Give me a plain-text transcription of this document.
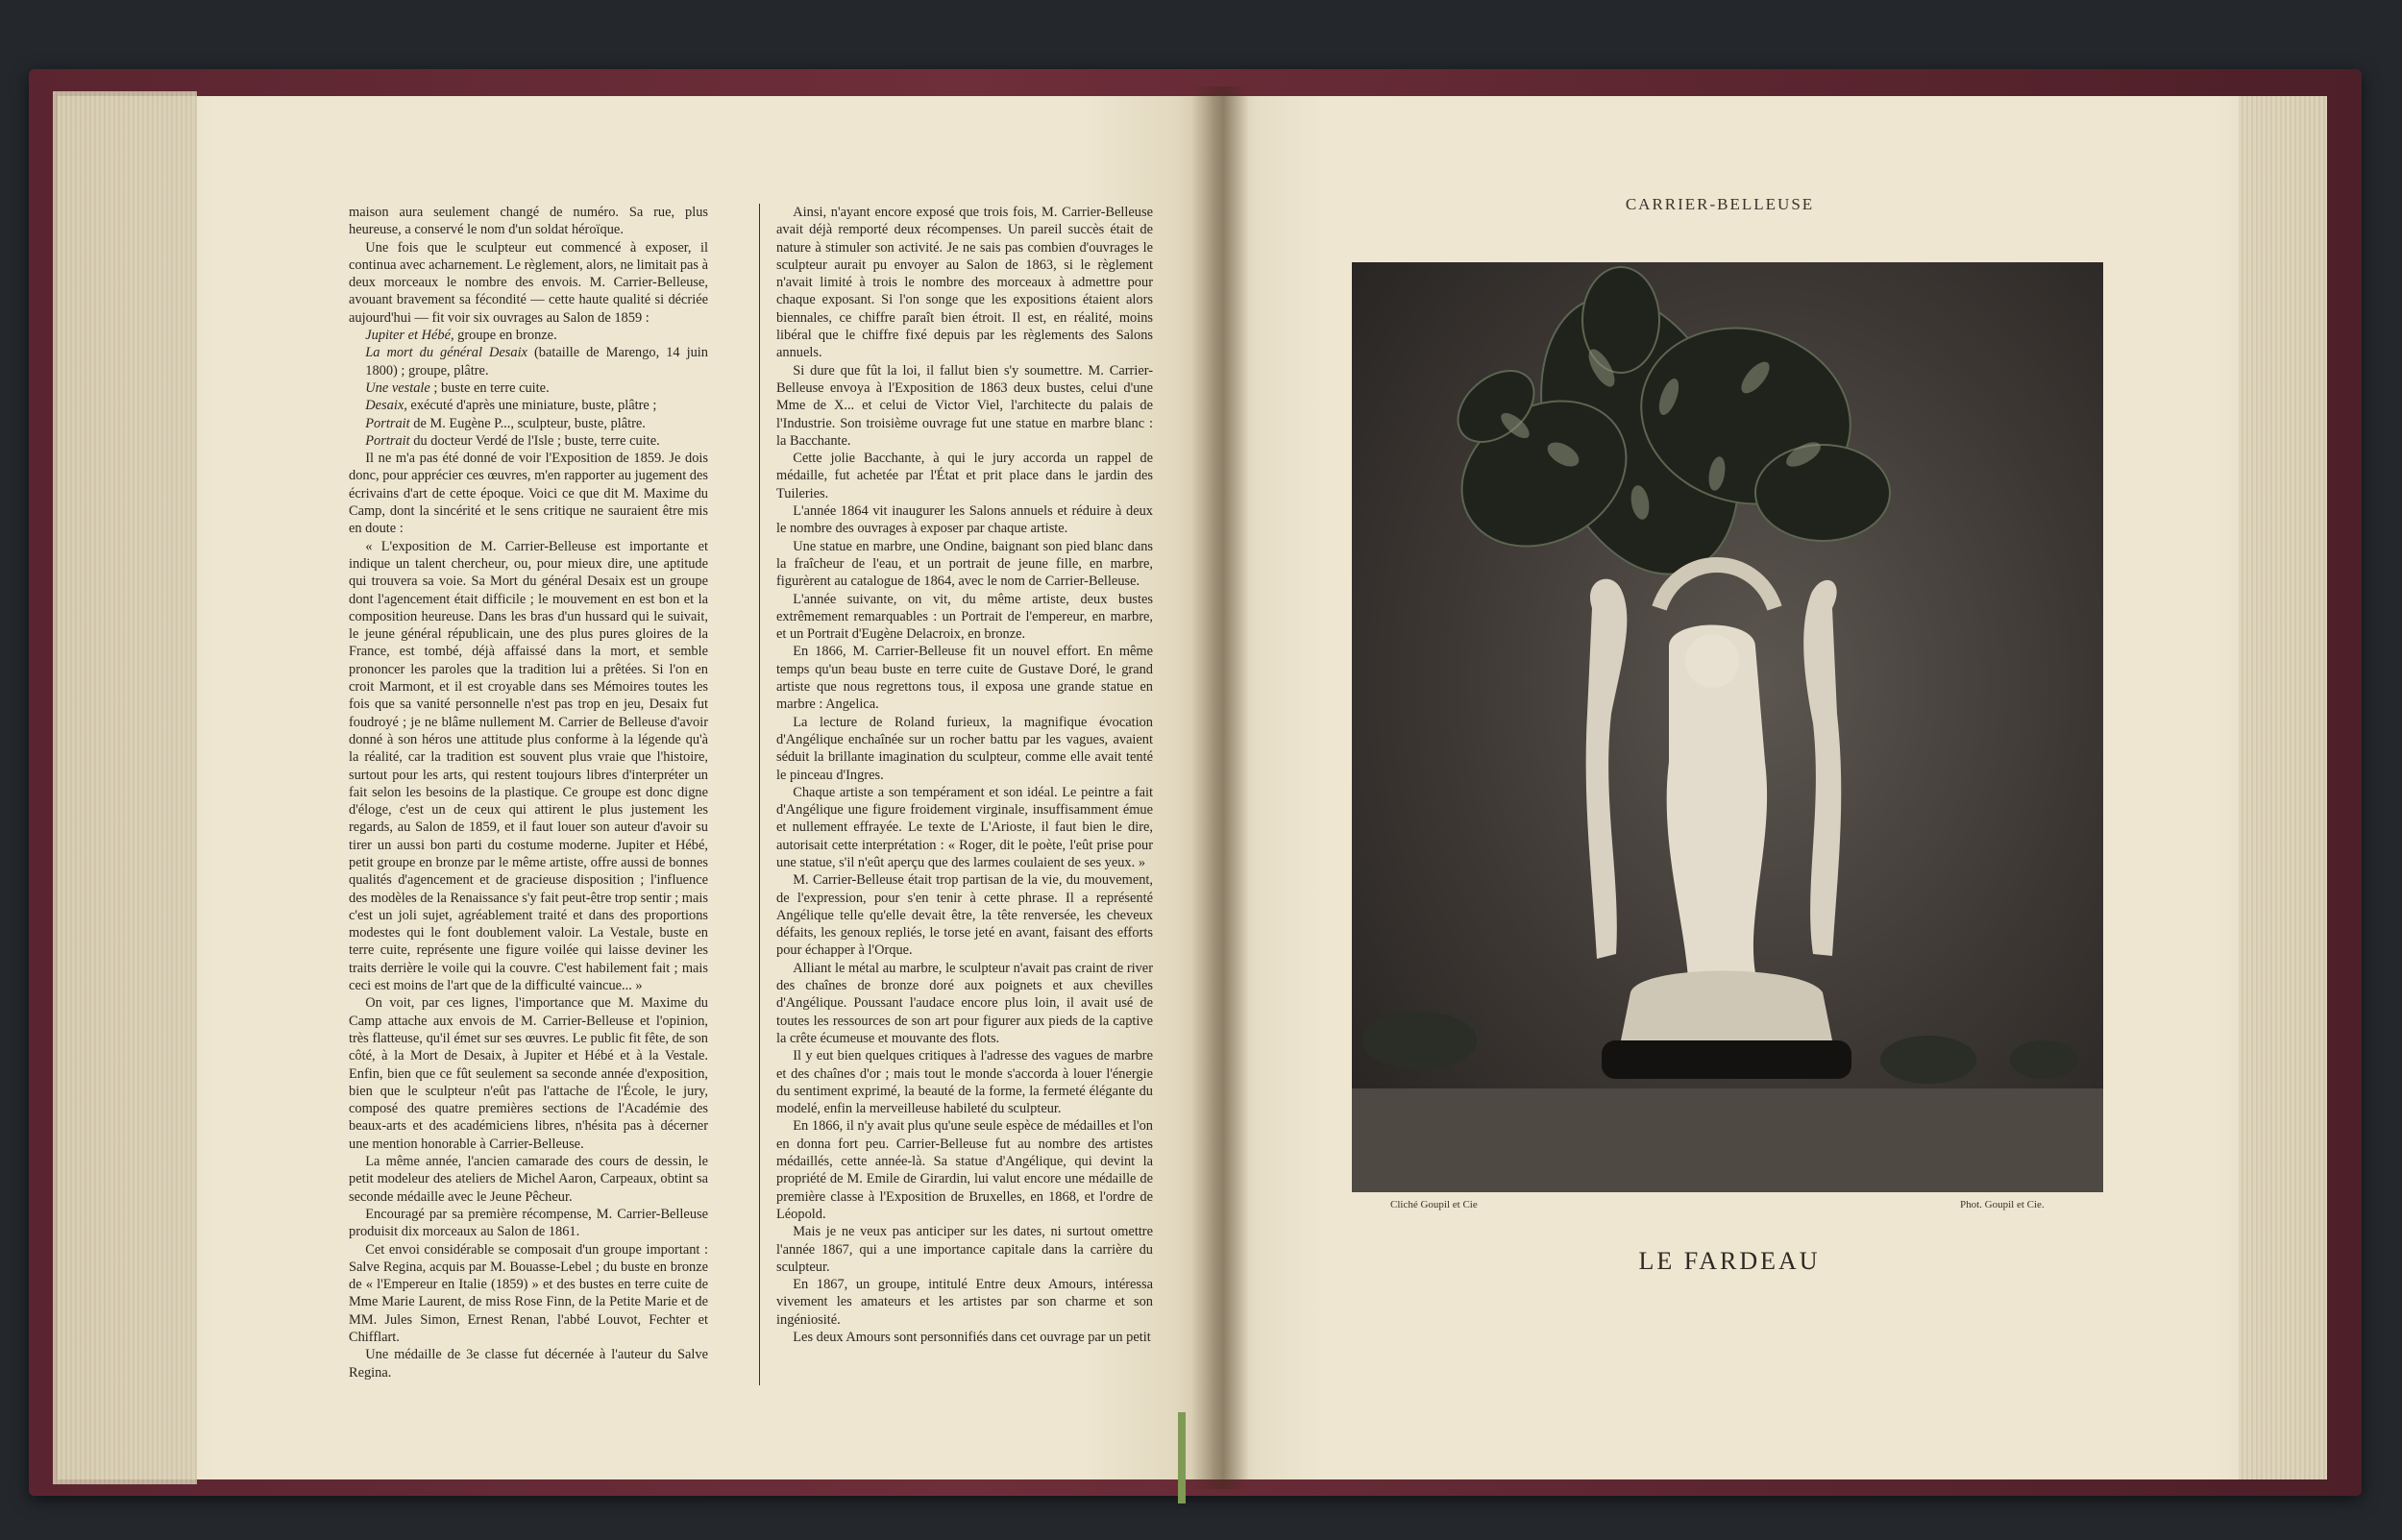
maison aura seulement changé de numéro. Sa rue, plus heureuse, a conservé le nom d'un soldat héroïque.

Une fois que le sculpteur eut commencé à exposer, il continua avec acharnement. Le règlement, alors, ne limitait pas à deux morceaux le nombre des envois. M. Carrier-Belleuse, avouant bravement sa fécondité — cette haute qualité si décriée aujourd'hui — fit voir six ouvrages au Salon de 1859 :

Jupiter et Hébé, groupe en bronze.

La mort du général Desaix (bataille de Marengo, 14 juin 1800) ; groupe, plâtre.

Une vestale ; buste en terre cuite.

Desaix, exécuté d'après une miniature, buste, plâtre ;

Portrait de M. Eugène P..., sculpteur, buste, plâtre.

Portrait du docteur Verdé de l'Isle ; buste, terre cuite.

Il ne m'a pas été donné de voir l'Exposition de 1859. Je dois donc, pour apprécier ces œuvres, m'en rapporter au jugement des écrivains d'art de cette époque. Voici ce que dit M. Maxime du Camp, dont la sincérité et le sens critique ne sauraient être mis en doute :

« L'exposition de M. Carrier-Belleuse est importante et indique un talent chercheur, ou, pour mieux dire, une aptitude qui trouvera sa voie. Sa Mort du général Desaix est un groupe dont l'agencement était difficile ; le mouvement en est bon et la composition heureuse. Dans les bras d'un hussard qui le suivait, le jeune général républicain, une des plus pures gloires de la France, est tombé, déjà affaissé dans la mort, et semble prononcer les paroles que la tradition lui a prêtées. Si l'on en croit Marmont, et il est croyable dans ses Mémoires toutes les fois que sa vanité personnelle n'est pas trop en jeu, Desaix fut foudroyé ; je ne blâme nullement M. Carrier de Belleuse d'avoir donné à son héros une attitude plus conforme à la légende qu'à la réalité, car la tradition est souvent plus vraie que l'histoire, surtout pour les arts, qui restent toujours libres d'interpréter un fait selon les besoins de la plastique. Ce groupe est donc digne d'éloge, c'est un de ceux qui attirent le plus justement les regards, au Salon de 1859, et il faut louer son auteur d'avoir su tirer un aussi bon parti du costume moderne. Jupiter et Hébé, petit groupe en bronze par le même artiste, offre aussi de bonnes qualités d'agencement et de gracieuse disposition ; l'influence des modèles de la Renaissance s'y fait peut-être trop sentir ; mais c'est un joli sujet, agréablement traité et dans des proportions modestes qui le font doublement valoir. La Vestale, buste en terre cuite, représente une figure voilée qui laisse deviner les traits derrière le voile qui la couvre. C'est habilement fait ; mais ceci est moins de l'art que de la difficulté vaincue... »

On voit, par ces lignes, l'importance que M. Maxime du Camp attache aux envois de M. Carrier-Belleuse et l'opinion, très flatteuse, qu'il émet sur ses œuvres. Le public fit fête, de son côté, à la Mort de Desaix, à Jupiter et Hébé et à la Vestale. Enfin, bien que ce fût seulement sa seconde année d'exposition, bien que le sculpteur n'eût pas l'attache de l'École, le jury, composé des quatre premières sections de l'Académie des beaux-arts et des académiciens libres, n'hésita pas à décerner une mention honorable à Carrier-Belleuse.

La même année, l'ancien camarade des cours de dessin, le petit modeleur des ateliers de Michel Aaron, Carpeaux, obtint sa seconde médaille avec le Jeune Pêcheur.

Encouragé par sa première récompense, M. Carrier-Belleuse produisit dix morceaux au Salon de 1861.

Cet envoi considérable se composait d'un groupe important : Salve Regina, acquis par M. Bouasse-Lebel ; du buste en bronze de « l'Empereur en Italie (1859) » et des bustes en terre cuite de Mme Marie Laurent, de miss Rose Finn, de la Petite Marie et de MM. Jules Simon, Ernest Renan, l'abbé Louvot, Fechter et Chifflart.

Une médaille de 3e classe fut décernée à l'auteur du Salve Regina.

Ainsi, n'ayant encore exposé que trois fois, M. Carrier-Belleuse avait déjà remporté deux récompenses. Un pareil succès était de nature à stimuler son activité. Je ne sais pas combien d'ouvrages le sculpteur aurait pu envoyer au Salon de 1863, si le règlement n'avait limité à trois le nombre des morceaux à admettre pour chaque exposant. Si l'on songe que les expositions étaient alors biennales, ce chiffre paraît bien étroit. Il est, en réalité, moins libéral que le chiffre fixé depuis par les règlements des Salons annuels.

Si dure que fût la loi, il fallut bien s'y soumettre. M. Carrier-Belleuse envoya à l'Exposition de 1863 deux bustes, celui d'une Mme de X... et celui de Victor Viel, l'architecte du palais de l'Industrie. Son troisième ouvrage fut une statue en marbre blanc : la Bacchante.

Cette jolie Bacchante, à qui le jury accorda un rappel de médaille, fut achetée par l'État et prit place dans le jardin des Tuileries.

L'année 1864 vit inaugurer les Salons annuels et réduire à deux le nombre des ouvrages à exposer par chaque artiste.

Une statue en marbre, une Ondine, baignant son pied blanc dans la fraîcheur de l'eau, et un portrait de jeune fille, en marbre, figurèrent au catalogue de 1864, avec le nom de Carrier-Belleuse.

L'année suivante, on vit, du même artiste, deux bustes extrêmement remarquables : un Portrait de l'empereur, en marbre, et un Portrait d'Eugène Delacroix, en bronze.

En 1866, M. Carrier-Belleuse fit un nouvel effort. En même temps qu'un beau buste en terre cuite de Gustave Doré, le grand artiste que nous regrettons tous, il exposa une grande statue en marbre : Angelica.

La lecture de Roland furieux, la magnifique évocation d'Angélique enchaînée sur un rocher battu par les vagues, avaient séduit la brillante imagination du sculpteur, comme elle avait tenté le pinceau d'Ingres.

Chaque artiste a son tempérament et son idéal. Le peintre a fait d'Angélique une figure froidement virginale, insuffisamment émue et nullement effrayée. Le texte de L'Arioste, il faut bien le dire, autorisait cette interprétation : « Roger, dit le poète, l'eût prise pour une statue, s'il n'eût aperçu que des larmes coulaient de ses yeux. »

M. Carrier-Belleuse était trop partisan de la vie, du mouvement, de l'expression, pour s'en tenir à cette phrase. Il a représenté Angélique telle qu'elle devait être, la tête renversée, les cheveux défaits, les genoux repliés, le torse jeté en avant, faisant des efforts pour échapper à l'Orque.

Alliant le métal au marbre, le sculpteur n'avait pas craint de river des chaînes de bronze doré aux poignets et aux chevilles d'Angélique. Poussant l'audace encore plus loin, il avait usé de toutes les ressources de son art pour figurer aux pieds de la captive la crête écumeuse et mouvante des flots.

Il y eut bien quelques critiques à l'adresse des vagues de marbre et des chaînes d'or ; mais tout le monde s'accorda à louer l'énergie du sentiment exprimé, la beauté de la forme, la fermeté élégante du modelé, enfin la merveilleuse habileté du sculpteur.

En 1866, il n'y avait plus qu'une seule espèce de médailles et l'on en donna fort peu. Carrier-Belleuse fut au nombre des artistes médaillés, cette année-là. Sa statue d'Angélique, qui devint la propriété de M. Emile de Girardin, lui valut encore une médaille de première classe à l'Exposition de Bruxelles, en 1868, et l'ordre de Léopold.

Mais je ne veux pas anticiper sur les dates, ni surtout omettre l'année 1867, qui a une importance capitale dans la carrière du sculpteur.

En 1867, un groupe, intitulé Entre deux Amours, intéressa vivement les amateurs et les artistes par son charme et son ingéniosité.

Les deux Amours sont personnifiés dans cet ouvrage par un petit

CARRIER-BELLEUSE
Cliché Goupil et Cie	Phot. Goupil et Cie.
LE FARDEAU
